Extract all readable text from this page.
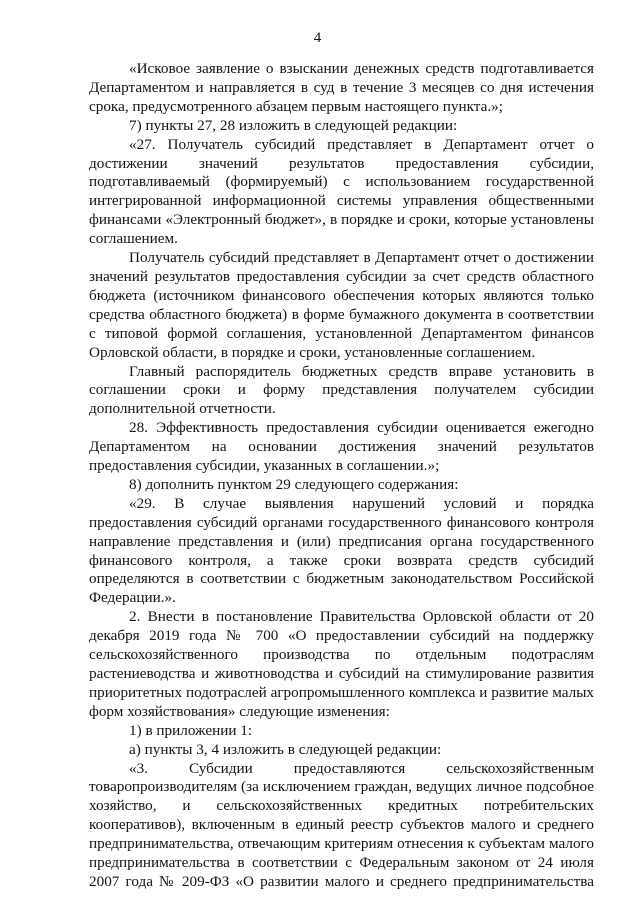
4

«Исковое заявление о взыскании денежных средств подготавливается Департаментом и направляется в суд в течение 3 месяцев со дня истечения срока, предусмотренного абзацем первым настоящего пункта.»;

7) пункты 27, 28 изложить в следующей редакции:

«27. Получатель субсидий представляет в Департамент отчет о достижении значений результатов предоставления субсидии, подготавливаемый (формируемый) с использованием государственной интегрированной информационной системы управления общественными финансами «Электронный бюджет», в порядке и сроки, которые установлены соглашением.

Получатель субсидий представляет в Департамент отчет о достижении значений результатов предоставления субсидии за счет средств областного бюджета (источником финансового обеспечения которых являются только средства областного бюджета) в форме бумажного документа в соответствии с типовой формой соглашения, установленной Департаментом финансов Орловской области, в порядке и сроки, установленные соглашением.

Главный распорядитель бюджетных средств вправе установить в соглашении сроки и форму представления получателем субсидии дополнительной отчетности.

28. Эффективность предоставления субсидии оценивается ежегодно Департаментом на основании достижения значений результатов предоставления субсидии, указанных в соглашении.»;

8) дополнить пунктом 29 следующего содержания:

«29. В случае выявления нарушений условий и порядка предоставления субсидий органами государственного финансового контроля направление представления и (или) предписания органа государственного финансового контроля, а также сроки возврата средств субсидий определяются в соответствии с бюджетным законодательством Российской Федерации.».

2. Внести в постановление Правительства Орловской области от 20 декабря 2019 года № 700 «О предоставлении субсидий на поддержку сельскохозяйственного производства по отдельным подотраслям растениеводства и животноводства и субсидий на стимулирование развития приоритетных подотраслей агропромышленного комплекса и развитие малых форм хозяйствования» следующие изменения:

1) в приложении 1:

а) пункты 3, 4 изложить в следующей редакции:

«3. Субсидии предоставляются сельскохозяйственным товаропроизводителям (за исключением граждан, ведущих личное подсобное хозяйство, и сельскохозяйственных кредитных потребительских кооперативов), включенным в единый реестр субъектов малого и среднего предпринимательства, отвечающим критериям отнесения к субъектам малого предпринимательства в соответствии с Федеральным законом от 24 июля 2007 года № 209-ФЗ «О развитии малого и среднего предпринимательства
